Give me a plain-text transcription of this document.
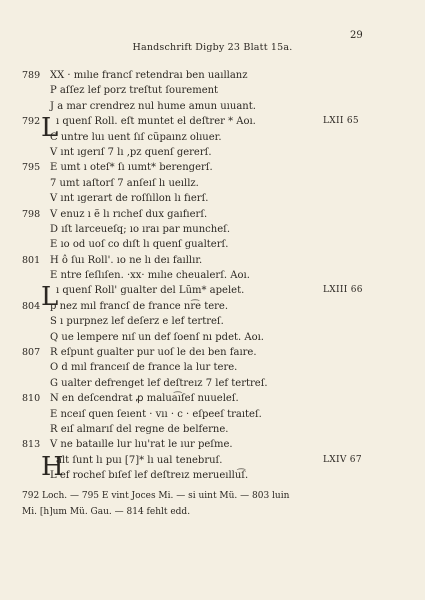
29
Handschrift Digby 23 Blatt 15a.
789 XX · mılıe francſ retendraı ben uaıllanz
P aſſez lef porz treſtut ſourement
J a mar crendrez nul hume amun uıuant.
792 L
ı quenſ Roll. eſt muntet el deſtrer * Aoı.	LXII 65
C untre luı uent ſıſ cũpaınz olıuer.
V ınt ıgerıſ 7 lı ,pz quenſ gererſ.
795 E umt ı oteſ* ſı ıumt* berengerſ.
7 umt ıaſtorſ 7 anſeıſ lı ueıllz.
V ınt ıgerart de roſſıllon lı fıerſ.
798 V enuz ı ẽ lı rıcheſ dux gaıfıerſ.
D ıſt larceueſq; ıo ıraı par muncheſ.
E ıo od uoſ co dıſt lı quenſ gualterſ.
801 H ô ſuı Roll'. ıo ne lı deı faıllır.
E ntre ſeſlıſen. ·xx· mılıe cheualerſ. Aoı.
L
ı quenſ Roll' gualter del Lũm* apelet.	LXIII 66
804 p nez mıl francſ de france nr͡e tere.
S ı purpnez lef deſerz e lef tertreſ.
Q ue lempere nıſ un def ſoenſ nı pdet. Aoı.
807 R eſpunt gualter pur uoſ le deı ben faıre.
O d mıl franceıſ de france la lur tere.
G ualter defrenget lef deſtreız 7 lef tertreſ.
810 N en deſcendrat ꝓ malua͡ıſeſ nuueleſ.
E nceıſ quen ſeıent · vıı · c · eſpeeſ traıteſ.
R eıſ almarıſ del regne de belferne.
813 V ne bataılle lur lıu'rat le ıur peſme.
H
alt ſunt lı puı [7]* lı ual tenebruſ.	LXIV 67
L ef rocheſ bıſeſ lef deſtreız merueıllu͡ſ.
792 Loch. — 795 E vint Joces Mi. — si uint Mü. — 803 luin
Mi. [h]um Mü. Gau. — 814 fehlt edd.
